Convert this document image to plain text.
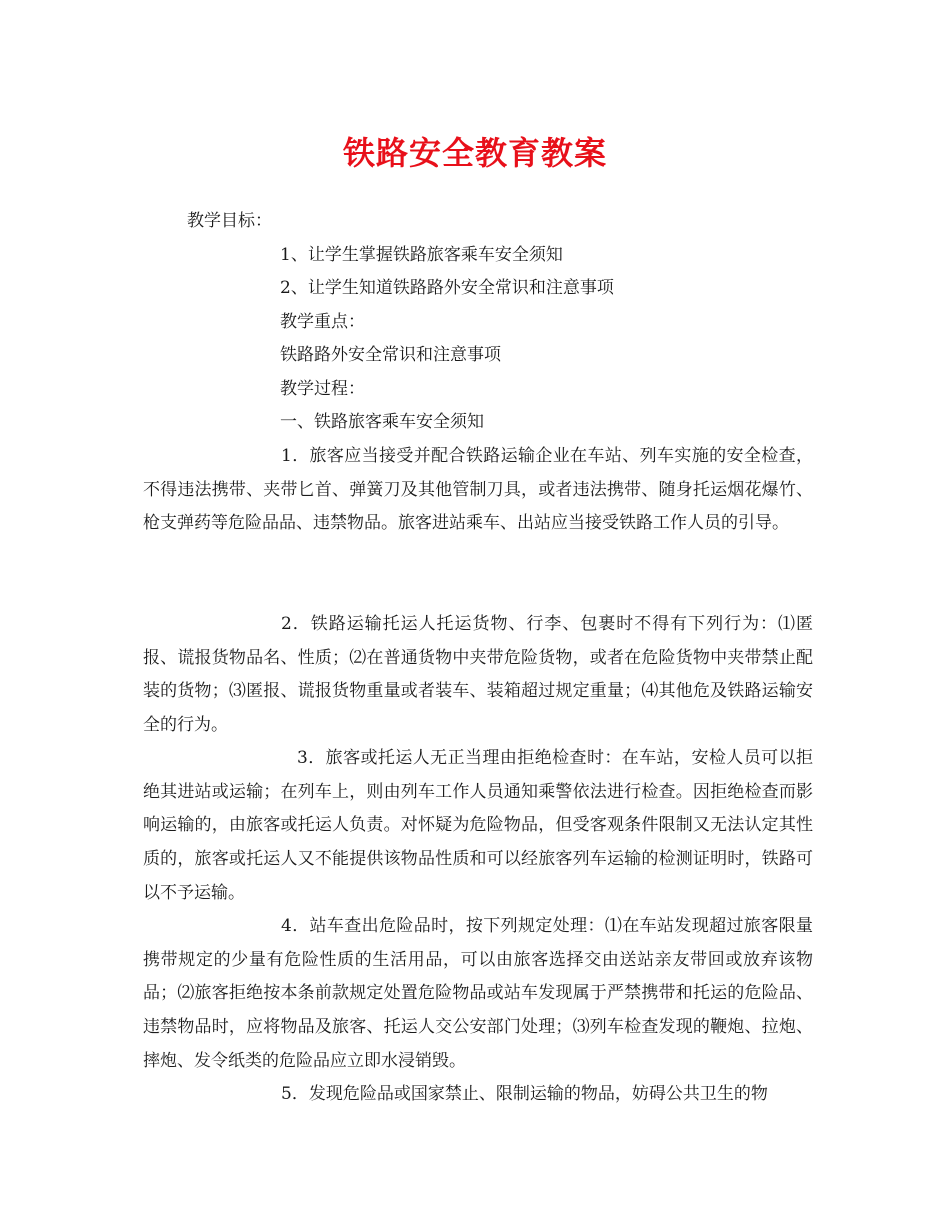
铁路安全教育教案

教学目标：

1、让学生掌握铁路旅客乘车安全须知

2、让学生知道铁路路外安全常识和注意事项

教学重点：

铁路路外安全常识和注意事项

教学过程：

一、铁路旅客乘车安全须知

1．旅客应当接受并配合铁路运输企业在车站、列车实施的安全检查，不得违法携带、夹带匕首、弹簧刀及其他管制刀具，或者违法携带、随身托运烟花爆竹、枪支弹药等危险品品、违禁物品。旅客进站乘车、出站应当接受铁路工作人员的引导。

2．铁路运输托运人托运货物、行李、包裹时不得有下列行为：⑴匿报、谎报货物品名、性质；⑵在普通货物中夹带危险货物，或者在危险货物中夹带禁止配装的货物；⑶匿报、谎报货物重量或者装车、装箱超过规定重量；⑷其他危及铁路运输安全的行为。

3．旅客或托运人无正当理由拒绝检查时：在车站，安检人员可以拒绝其进站或运输；在列车上，则由列车工作人员通知乘警依法进行检查。因拒绝检查而影响运输的，由旅客或托运人负责。对怀疑为危险物品，但受客观条件限制又无法认定其性质的，旅客或托运人又不能提供该物品性质和可以经旅客列车运输的检测证明时，铁路可以不予运输。

4．站车查出危险品时，按下列规定处理：⑴在车站发现超过旅客限量携带规定的少量有危险性质的生活用品，可以由旅客选择交由送站亲友带回或放弃该物品；⑵旅客拒绝按本条前款规定处置危险物品或站车发现属于严禁携带和托运的危险品、违禁物品时，应将物品及旅客、托运人交公安部门处理；⑶列车检查发现的鞭炮、拉炮、摔炮、发令纸类的危险品应立即水浸销毁。

5．发现危险品或国家禁止、限制运输的物品，妨碍公共卫生的物
